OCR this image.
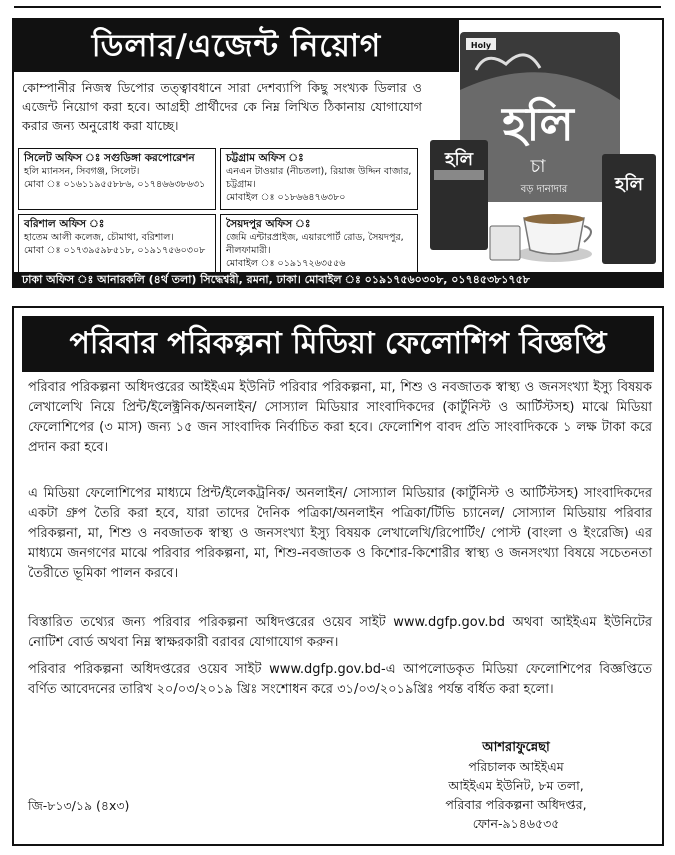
ডিলার/এজেন্ট নিয়োগ
কোম্পানীর নিজস্ব ডিপোর তত্ত্বাবধানে সারা দেশব্যাপি কিছু সংখ্যক ডিলার ও এজেন্ট নিয়োগ করা হবে। আগ্রহী প্রার্থীদের কে নিম্ন লিখিত ঠিকানায় যোগাযোগ করার জন্য অনুরোধ করা যাচ্ছে।
সিলেট অফিস ঃ সগুডিঙ্গা করপোরেশন
হলি ম্যানসন, সিবগঞ্জ, সিলেট।
মোবা ঃ ০১৬১১৯৫৫৮৮৬, ০১৭৪৬৬৩৮৬৩১
চট্টগ্রাম অফিস ঃ
এনএন টাওয়ার (নীচতলা), রিয়াজ উদ্দিন বাজার, চট্টগ্রাম।
মোবাইল ঃ ০১৮৬৬৪৭৬৩৮০
বরিশাল অফিস ঃ
হাতেম আলী কলেজ, চৌমাথা, বরিশাল।
মোবা ঃ ০১৭৩৯৫৯৮৫১৮, ০১৯১৭৫৬০৩০৮
সৈয়দপুর অফিস ঃ
জেমি এন্টারপ্রাইজ, এয়ারপোর্ট রোড, সৈয়দপুর, নীলফামারী।
মোবাইল ঃ ০১৯১৭২৬৩৫৫৬
Holy
হলি
চা
বড় দানাদার
হলি
হলি
ঢাকা অফিস ঃ আনারকলি (৪র্থ তলা) সিদ্ধেশ্বরী, রমনা, ঢাকা। মোবাইল ঃ ০১৯১৭৫৬০৩০৮, ০১৭৪৫৩৮১৭৫৮
পরিবার পরিকল্পনা মিডিয়া ফেলোশিপ বিজ্ঞপ্তি
পরিবার পরিকল্পনা অধিদপ্তরের আইইএম ইউনিট পরিবার পরিকল্পনা, মা, শিশু ও নবজাতক স্বাস্থ্য ও জনসংখ্যা ইস্যু বিষয়ক লেখালেখি নিয়ে প্রিন্ট/ইলেক্ট্রনিক/অনলাইন/ সোস্যাল মিডিয়ার সাংবাদিকদের (কার্টুনিস্ট ও আর্টিস্টসহ) মাঝে মিডিয়া ফেলোশিপের (৩ মাস) জন্য ১৫ জন সাংবাদিক নির্বাচিত করা হবে। ফেলোশিপ বাবদ প্রতি সাংবাদিককে ১ লক্ষ টাকা করে প্রদান করা হবে।
এ মিডিয়া ফেলোশিপের মাধ্যমে প্রিন্ট/ইলেকট্রনিক/ অনলাইন/ সোস্যাল মিডিয়ার (কার্টুনিস্ট ও আর্টিস্টসহ) সাংবাদিকদের একটা গ্রুপ তৈরি করা হবে, যারা তাদের দৈনিক পত্রিকা/অনলাইন পত্রিকা/টিভি চ্যানেল/ সোস্যাল মিডিয়ায় পরিবার পরিকল্পনা, মা, শিশু ও নবজাতক স্বাস্থ্য ও জনসংখ্যা ইস্যু বিষয়ক লেখালেখি/রিপোর্টিং/ পোস্ট (বাংলা ও ইংরেজি) এর মাধ্যমে জনগণের মাঝে পরিবার পরিকল্পনা, মা, শিশু-নবজাতক ও কিশোর-কিশোরীর স্বাস্থ্য ও জনসংখ্যা বিষয়ে সচেতনতা তৈরীতে ভূমিকা পালন করবে।
বিস্তারিত তথ্যের জন্য পরিবার পরিকল্পনা অধিদপ্তরের ওয়েব সাইট www.dgfp.gov.bd অথবা আইইএম ইউনিটের নোটিশ বোর্ড অথবা নিম্ন স্বাক্ষরকারী বরাবর যোগাযোগ করুন।
পরিবার পরিকল্পনা অধিদপ্তরের ওয়েব সাইট www.dgfp.gov.bd-এ আপলোডকৃত মিডিয়া ফেলোশিপের বিজ্ঞপ্তিতে বর্ণিত আবেদনের তারিখ ২০/০৩/২০১৯ খ্রিঃ সংশোধন করে ৩১/০৩/২০১৯খ্রিঃ পর্যন্ত বর্ধিত করা হলো।
আশরাফুন্নেছা
পরিচালক আইইএম
আইইএম ইউনিট, ৮ম তলা,
পরিবার পরিকল্পনা অধিদপ্তর,
ফোন-৯১৪৬৫৩৫
জি-৮১৩/১৯ (৪x৩)
